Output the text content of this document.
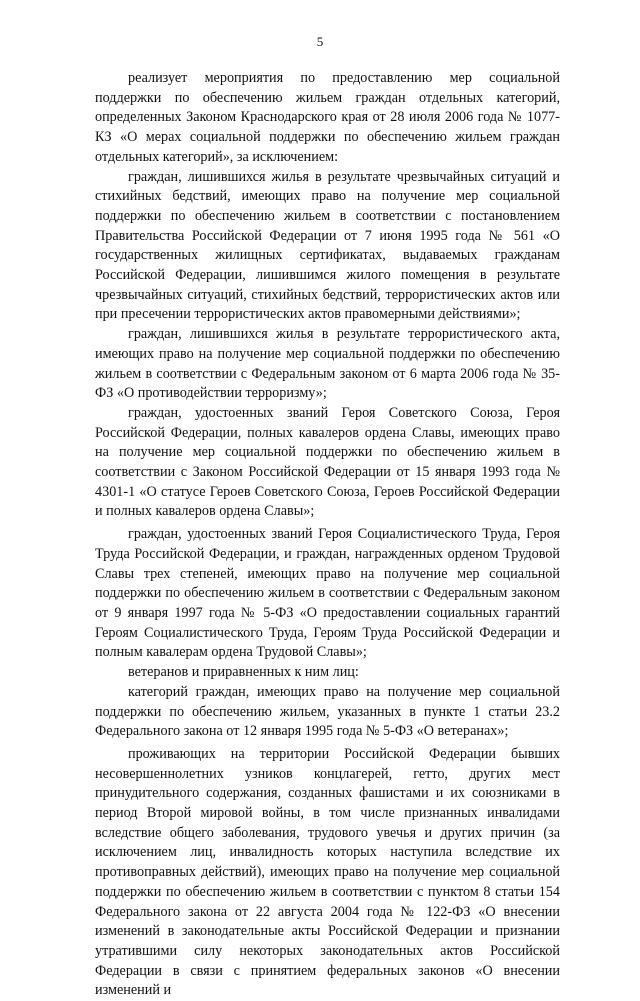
5

реализует мероприятия по предоставлению мер социальной поддержки по обеспечению жильем граждан отдельных категорий, определенных Законом Краснодарского края от 28 июля 2006 года № 1077-КЗ «О мерах социальной поддержки по обеспечению жильем граждан отдельных категорий», за исключением:

граждан, лишившихся жилья в результате чрезвычайных ситуаций и стихийных бедствий, имеющих право на получение мер социальной поддержки по обеспечению жильем в соответствии с постановлением Правительства Российской Федерации от 7 июня 1995 года № 561 «О государственных жилищных сертификатах, выдаваемых гражданам Российской Федерации, лишившимся жилого помещения в результате чрезвычайных ситуаций, стихийных бедствий, террористических актов или при пресечении террористических актов правомерными действиями»;

граждан, лишившихся жилья в результате террористического акта, имеющих право на получение мер социальной поддержки по обеспечению жильем в соответствии с Федеральным законом от 6 марта 2006 года № 35-ФЗ «О противодействии терроризму»;

граждан, удостоенных званий Героя Советского Союза, Героя Российской Федерации, полных кавалеров ордена Славы, имеющих право на получение мер социальной поддержки по обеспечению жильем в соответствии с Законом Российской Федерации от 15 января 1993 года № 4301-1 «О статусе Героев Советского Союза, Героев Российской Федерации и полных кавалеров ордена Славы»;

граждан, удостоенных званий Героя Социалистического Труда, Героя Труда Российской Федерации, и граждан, награжденных орденом Трудовой Славы трех степеней, имеющих право на получение мер социальной поддержки по обеспечению жильем в соответствии с Федеральным законом от 9 января 1997 года № 5-ФЗ «О предоставлении социальных гарантий Героям Социалистического Труда, Героям Труда Российской Федерации и полным кавалерам ордена Трудовой Славы»;

ветеранов и приравненных к ним лиц:

категорий граждан, имеющих право на получение мер социальной поддержки по обеспечению жильем, указанных в пункте 1 статьи 23.2 Федерального закона от 12 января 1995 года № 5-ФЗ «О ветеранах»;

проживающих на территории Российской Федерации бывших несовершеннолетних узников концлагерей, гетто, других мест принудительного содержания, созданных фашистами и их союзниками в период Второй мировой войны, в том числе признанных инвалидами вследствие общего заболевания, трудового увечья и других причин (за исключением лиц, инвалидность которых наступила вследствие их противоправных действий), имеющих право на получение мер социальной поддержки по обеспечению жильем в соответствии с пунктом 8 статьи 154 Федерального закона от 22 августа 2004 года № 122-ФЗ «О внесении изменений в законодательные акты Российской Федерации и признании утратившими силу некоторых законодательных актов Российской Федерации в связи с принятием федеральных законов «О внесении изменений и
